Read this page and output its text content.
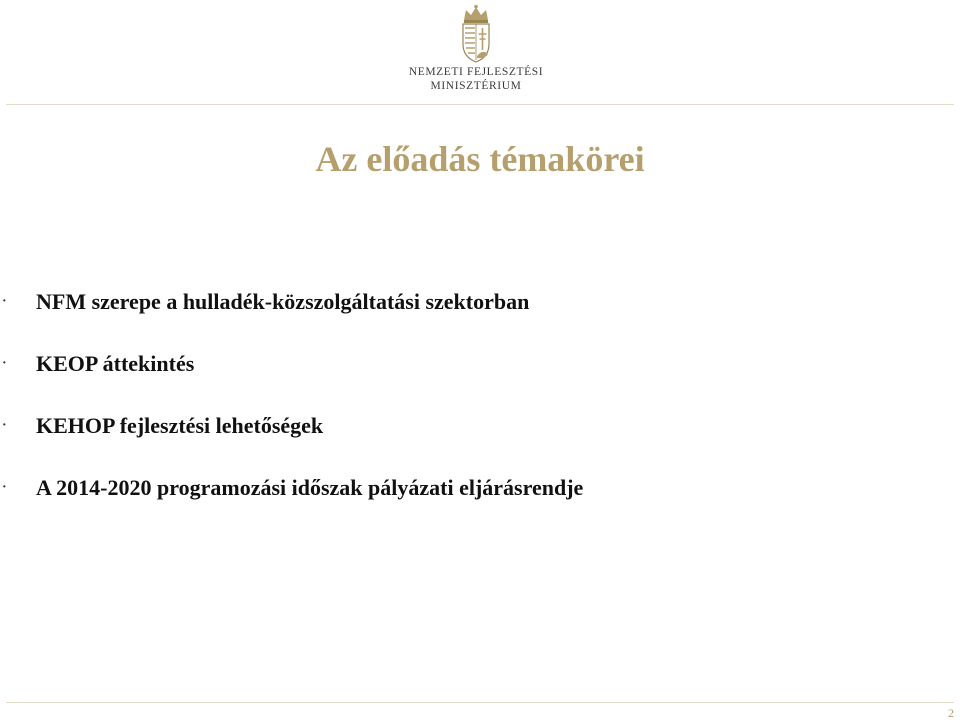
NEMZETI FEJLESZTÉSI
MINISZTÉRIUM
Az előadás témakörei
· NFM szerepe a hulladék-közszolgáltatási szektorban
· KEOP áttekintés
· KEHOP fejlesztési lehetőségek
· A 2014-2020 programozási időszak pályázati eljárásrendje
2
